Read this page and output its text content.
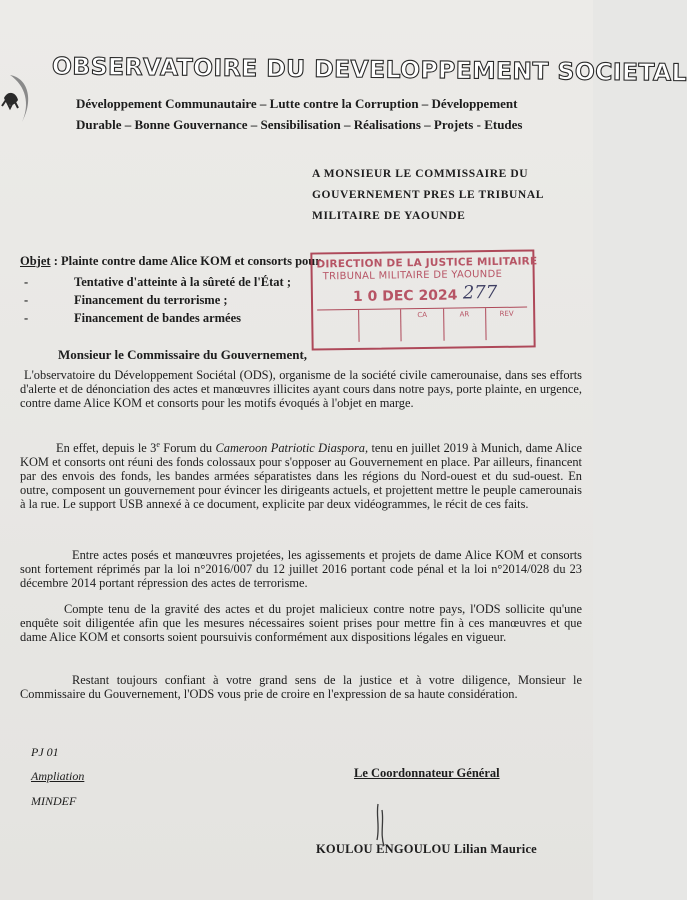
OBSERVATOIRE DU DEVELOPPEMENT SOCIETAL
Développement Communautaire – Lutte contre la Corruption – Développement
Durable – Bonne Gouvernance – Sensibilisation – Réalisations – Projets - Etudes
A MONSIEUR LE COMMISSAIRE DU
GOUVERNEMENT PRES LE TRIBUNAL
MILITAIRE DE YAOUNDE
Objet : Plainte contre dame Alice KOM et consorts pour
-	Tentative d'atteinte à la sûreté de l'État ;
-	Financement du terrorisme ;
-	Financement de bandes armées
DIRECTION DE LA JUSTICE MILITAIRE
TRIBUNAL MILITAIRE DE YAOUNDE
1 0 DEC 2024 277
CA	AR	REV
Monsieur le Commissaire du Gouvernement,

L'observatoire du Développement Sociétal (ODS), organisme de la société civile camerounaise, dans ses efforts d'alerte et de dénonciation des actes et manœuvres illicites ayant cours dans notre pays, porte plainte, en urgence, contre dame Alice KOM et consorts pour les motifs évoqués à l'objet en marge.

En effet, depuis le 3e Forum du Cameroon Patriotic Diaspora, tenu en juillet 2019 à Munich, dame Alice KOM et consorts ont réuni des fonds colossaux pour s'opposer au Gouvernement en place. Par ailleurs, financent par des envois des fonds, les bandes armées séparatistes dans les régions du Nord-ouest et du sud-ouest. En outre, composent un gouvernement pour évincer les dirigeants actuels, et projettent mettre le peuple camerounais à la rue. Le support USB annexé à ce document, explicite par deux vidéogrammes, le récit de ces faits.

Entre actes posés et manœuvres projetées, les agissements et projets de dame Alice KOM et consorts sont fortement réprimés par la loi n°2016/007 du 12 juillet 2016 portant code pénal et la loi n°2014/028 du 23 décembre 2014 portant répression des actes de terrorisme.

Compte tenu de la gravité des actes et du projet malicieux contre notre pays, l'ODS sollicite qu'une enquête soit diligentée afin que les mesures nécessaires soient prises pour mettre fin à ces manœuvres et que dame Alice KOM et consorts soient poursuivis conformément aux dispositions légales en vigueur.

Restant toujours confiant à votre grand sens de la justice et à votre diligence, Monsieur le Commissaire du Gouvernement, l'ODS vous prie de croire en l'expression de sa haute considération.

PJ 01
Ampliation
MINDEF
Le Coordonnateur Général
KOULOU ENGOULOU Lilian Maurice
